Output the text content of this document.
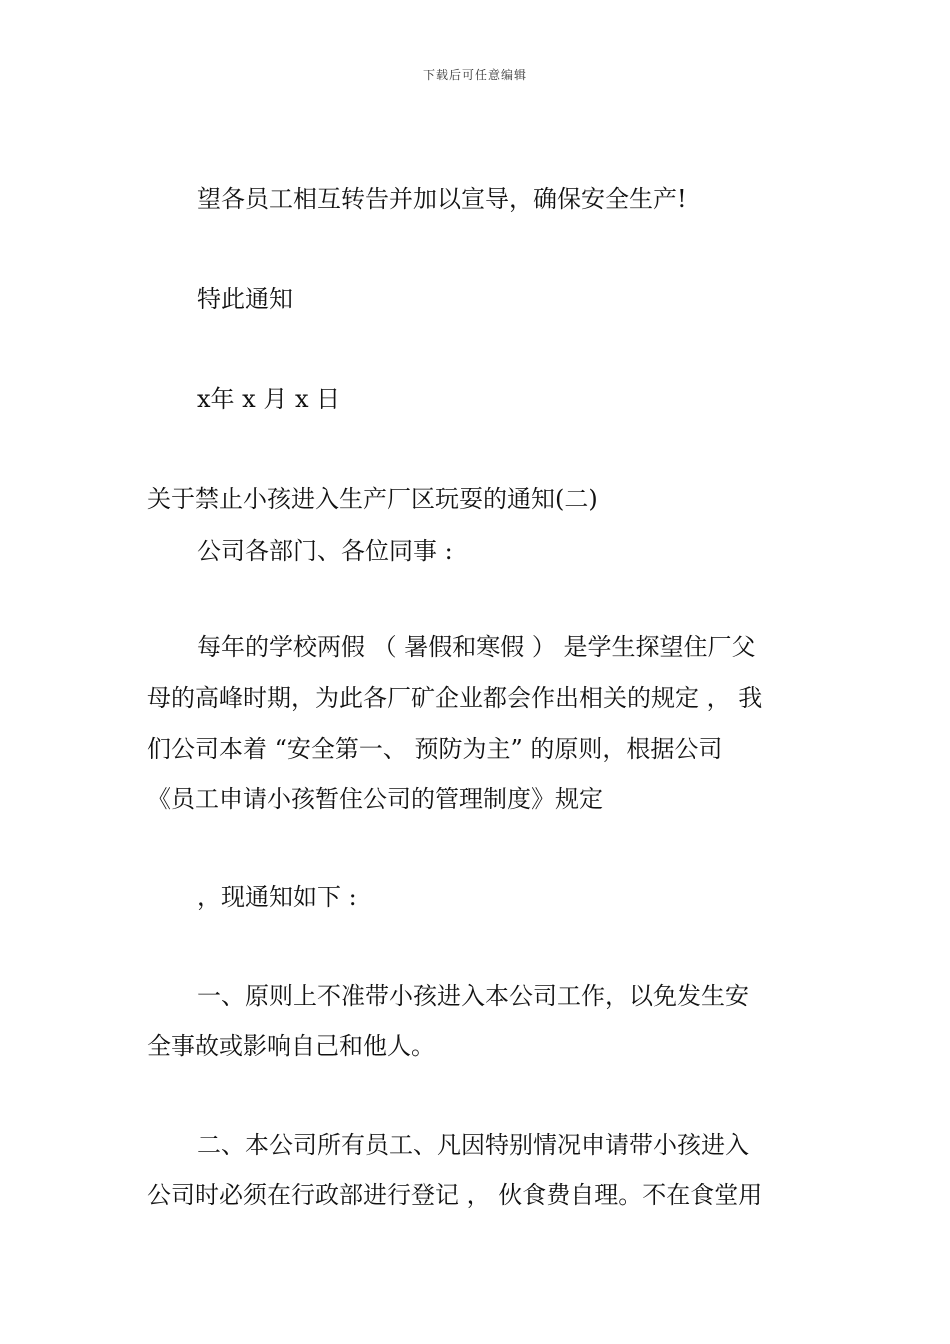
下载后可任意编辑
望各员工相互转告并加以宣导，确保安全生产!
特此通知
x年 x 月 x 日
关于禁止小孩进入生产厂区玩耍的通知(二)
公司各部门、各位同事 :
每年的学校两假 （ 暑假和寒假 ） 是学生探望住厂父
母的高峰时期，为此各厂矿企业都会作出相关的规定 ， 我
们公司本着 “安全第一、 预防为主” 的原则，根据公司
《员工申请小孩暂住公司的管理制度》规定
，现通知如下 :
一、原则上不准带小孩进入本公司工作，以免发生安
全事故或影响自己和他人。
二、本公司所有员工、凡因特别情况申请带小孩进入
公司时必须在行政部进行登记 ， 伙食费自理。不在食堂用
